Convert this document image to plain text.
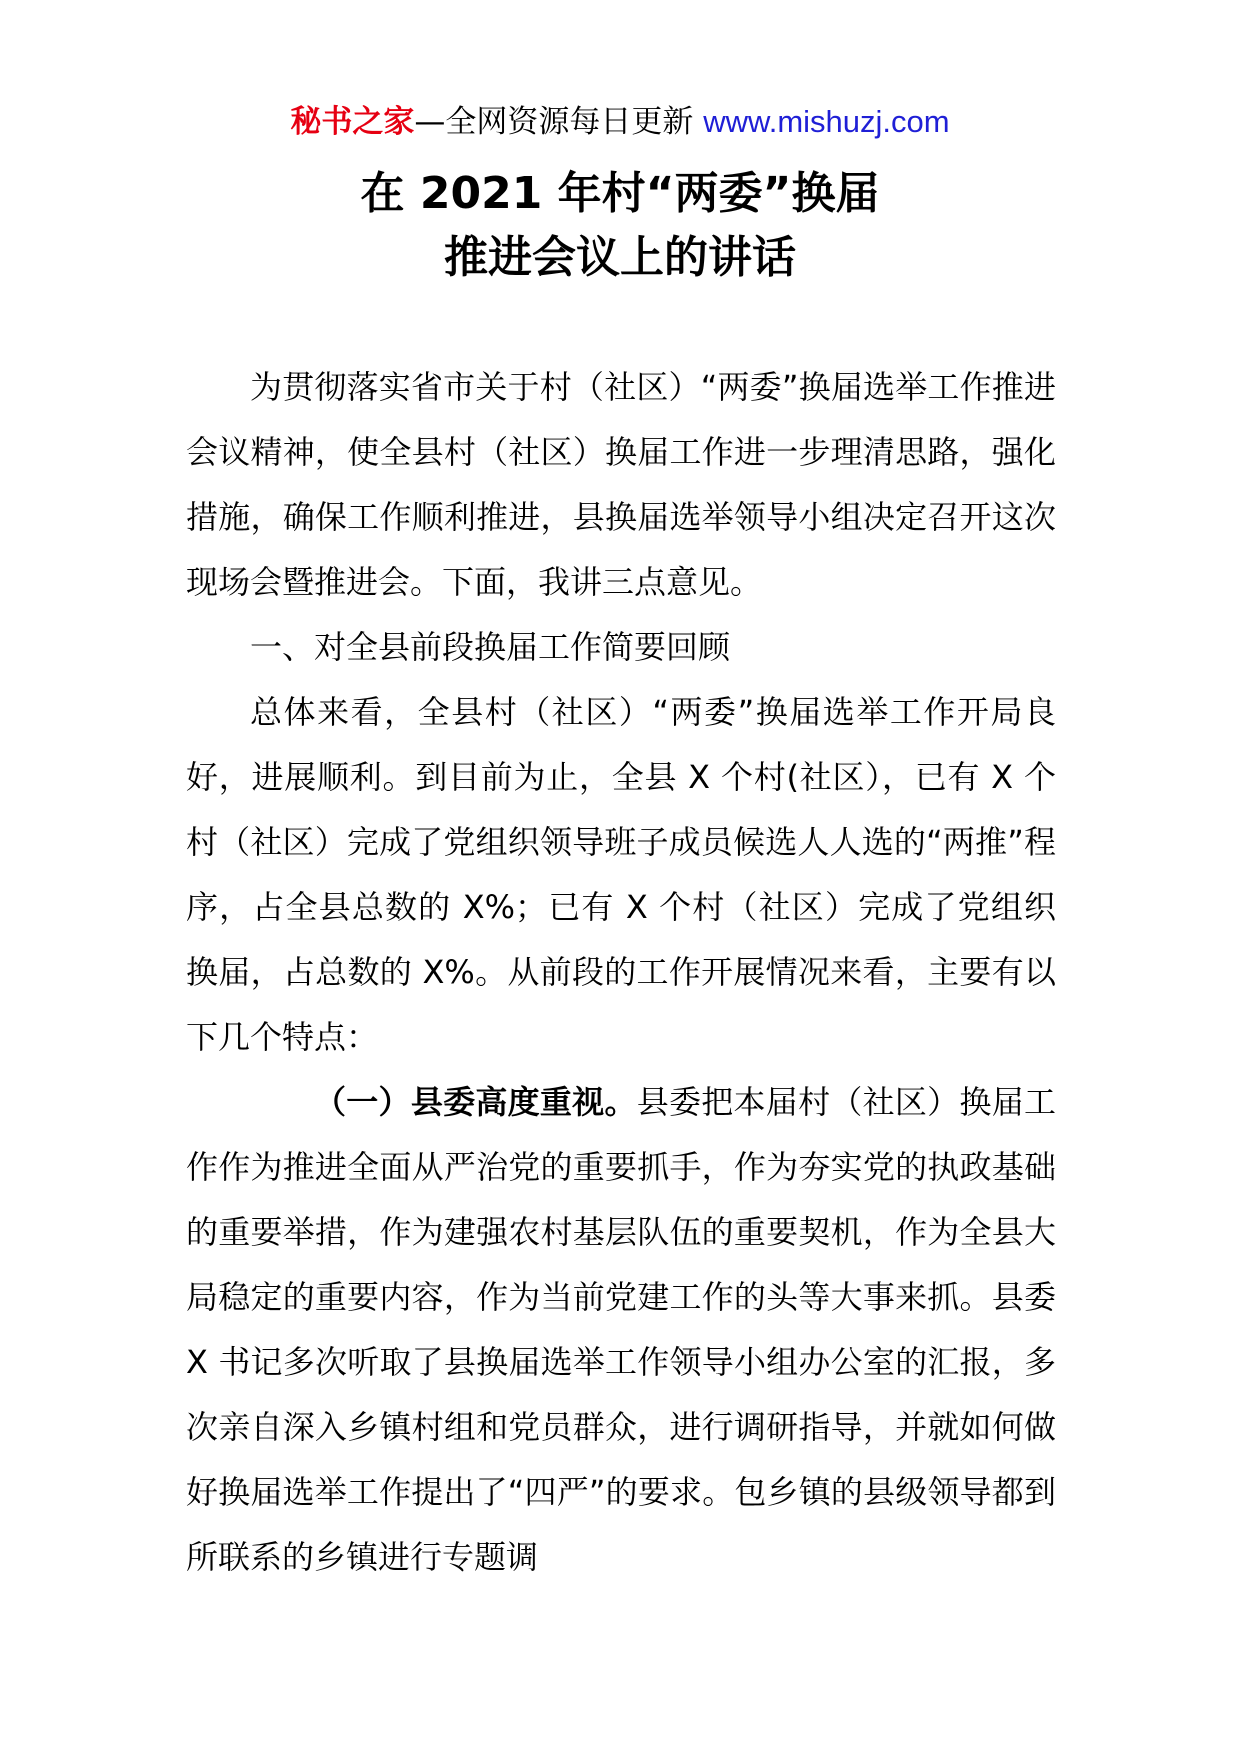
秘书之家—全网资源每日更新 www.mishuzj.com
在 2021 年村“两委”换届
推进会议上的讲话

为贯彻落实省市关于村（社区）“两委”换届选举工作推进会议精神，使全县村（社区）换届工作进一步理清思路，强化措施，确保工作顺利推进，县换届选举领导小组决定召开这次现场会暨推进会。下面，我讲三点意见。

一、对全县前段换届工作简要回顾

总体来看，全县村（社区）“两委”换届选举工作开局良好，进展顺利。到目前为止，全县 X 个村(社区），已有 X 个村（社区）完成了党组织领导班子成员候选人人选的“两推”程序，占全县总数的 X%；已有 X 个村（社区）完成了党组织换届，占总数的 X%。从前段的工作开展情况来看，主要有以下几个特点：

（一）县委高度重视。县委把本届村（社区）换届工作作为推进全面从严治党的重要抓手，作为夯实党的执政基础的重要举措，作为建强农村基层队伍的重要契机，作为全县大局稳定的重要内容，作为当前党建工作的头等大事来抓。县委 X 书记多次听取了县换届选举工作领导小组办公室的汇报，多次亲自深入乡镇村组和党员群众，进行调研指导，并就如何做好换届选举工作提出了“四严”的要求。包乡镇的县级领导都到所联系的乡镇进行专题调
